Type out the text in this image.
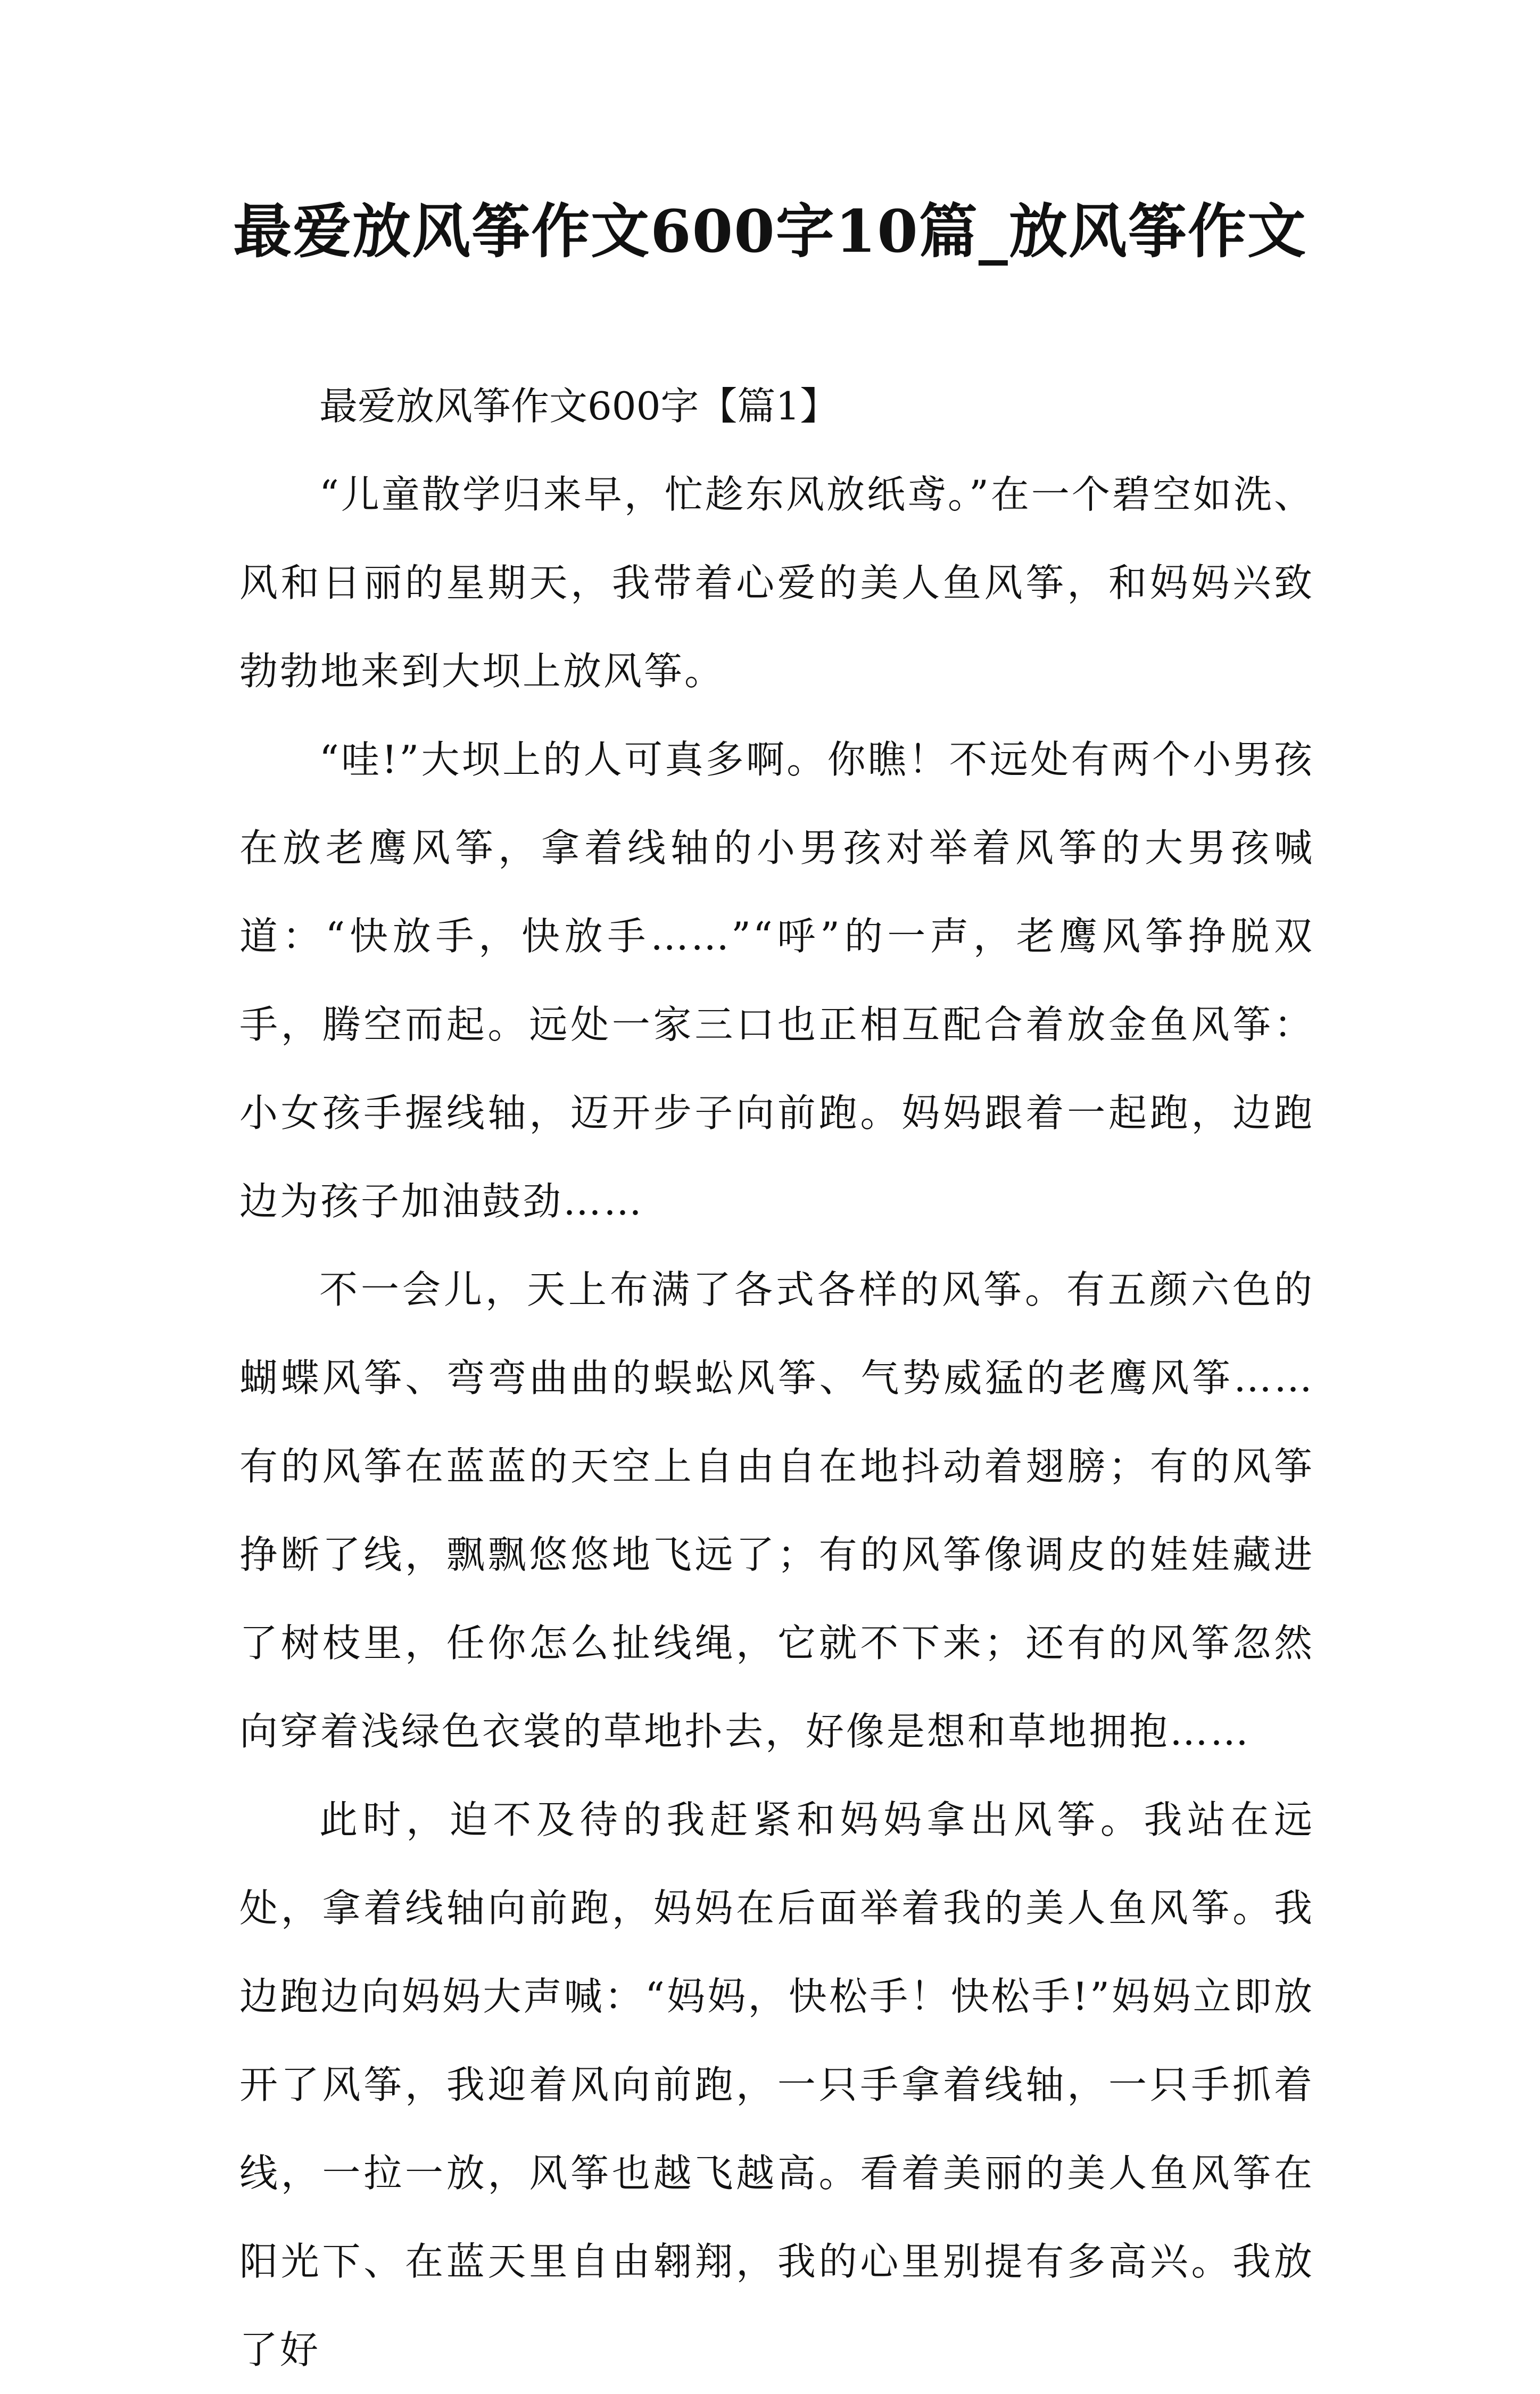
最爱放风筝作文600字10篇_放风筝作文

最爱放风筝作文600字【篇1】

“儿童散学归来早，忙趁东风放纸鸢。”在一个碧空如洗、风和日丽的星期天，我带着心爱的美人鱼风筝，和妈妈兴致勃勃地来到大坝上放风筝。

“哇!”大坝上的人可真多啊。你瞧！不远处有两个小男孩在放老鹰风筝，拿着线轴的小男孩对举着风筝的大男孩喊道：“快放手，快放手……”“呼”的一声，老鹰风筝挣脱双手，腾空而起。远处一家三口也正相互配合着放金鱼风筝：小女孩手握线轴，迈开步子向前跑。妈妈跟着一起跑，边跑边为孩子加油鼓劲……

不一会儿，天上布满了各式各样的风筝。有五颜六色的蝴蝶风筝、弯弯曲曲的蜈蚣风筝、气势威猛的老鹰风筝……有的风筝在蓝蓝的天空上自由自在地抖动着翅膀；有的风筝挣断了线，飘飘悠悠地飞远了；有的风筝像调皮的娃娃藏进了树枝里，任你怎么扯线绳，它就不下来；还有的风筝忽然向穿着浅绿色衣裳的草地扑去，好像是想和草地拥抱……

此时，迫不及待的我赶紧和妈妈拿出风筝。我站在远处，拿着线轴向前跑，妈妈在后面举着我的美人鱼风筝。我边跑边向妈妈大声喊：“妈妈，快松手！快松手!”妈妈立即放开了风筝，我迎着风向前跑，一只手拿着线轴，一只手抓着线，一拉一放，风筝也越飞越高。看着美丽的美人鱼风筝在阳光下、在蓝天里自由翱翔，我的心里别提有多高兴。我放了好
